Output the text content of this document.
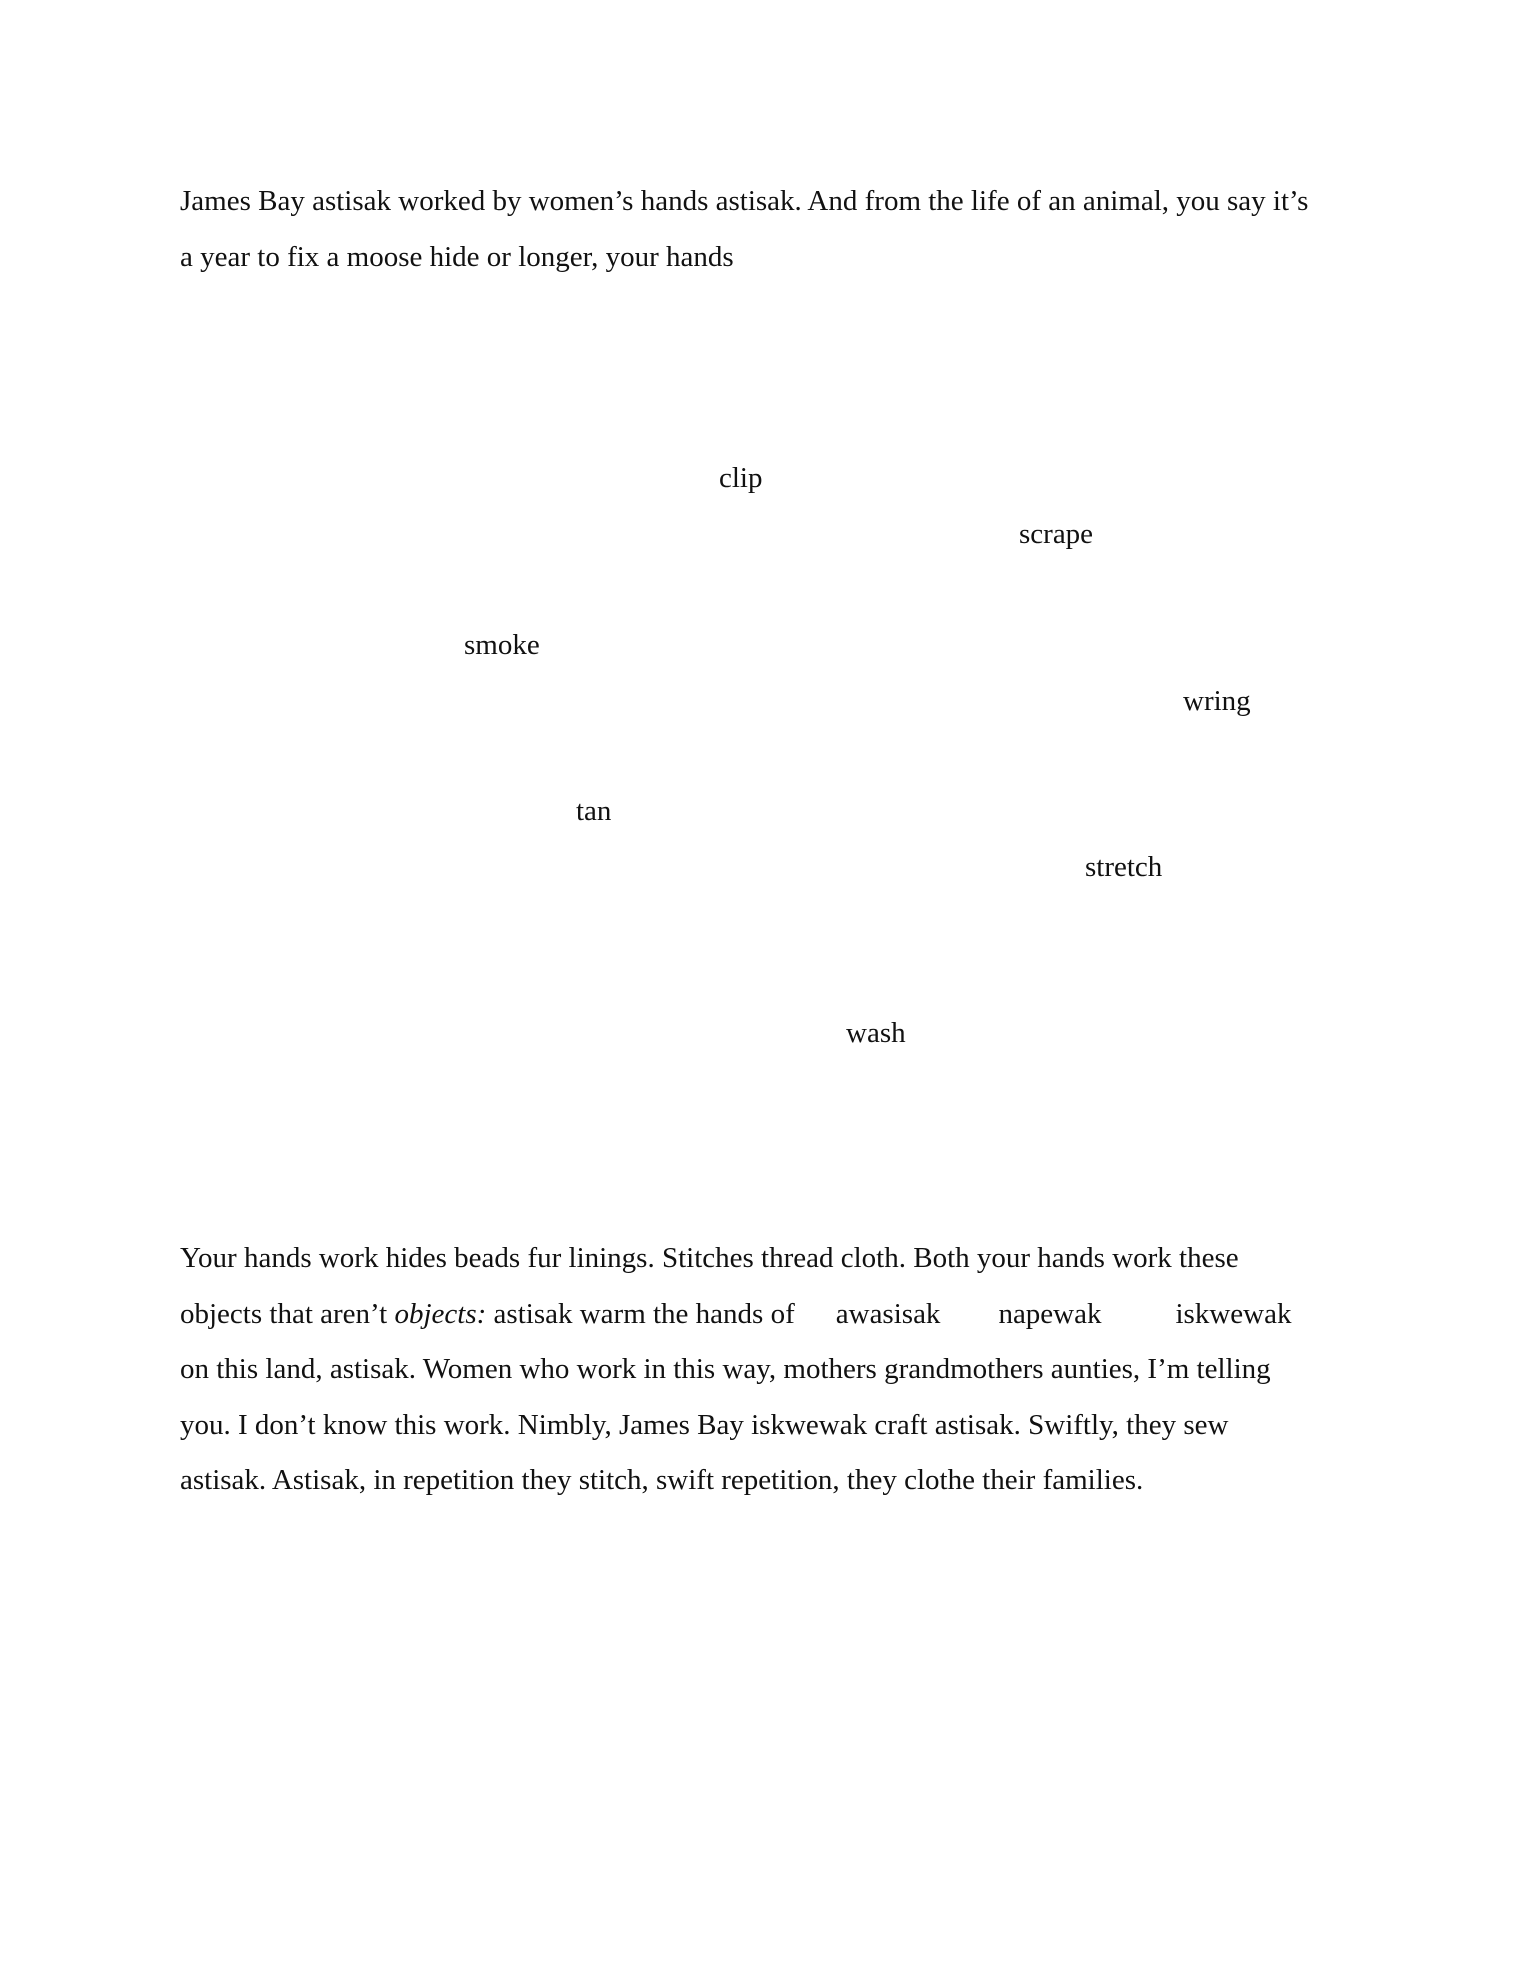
James Bay astisak worked by women’s hands astisak. And from the life of an animal, you say it’s
a year to fix a moose hide or longer, your hands

clip
scrape
smoke
wring
tan
stretch
wash

Your hands work hides beads fur linings. Stitches thread cloth. Both your hands work these
objects that aren’t objects: astisak warm the hands of awasisak napewak	iskwewak
on this land, astisak. Women who work in this way, mothers grandmothers aunties, I’m telling
you. I don’t know this work. Nimbly, James Bay iskwewak craft astisak. Swiftly, they sew
astisak. Astisak, in repetition they stitch, swift repetition, they clothe their families.
